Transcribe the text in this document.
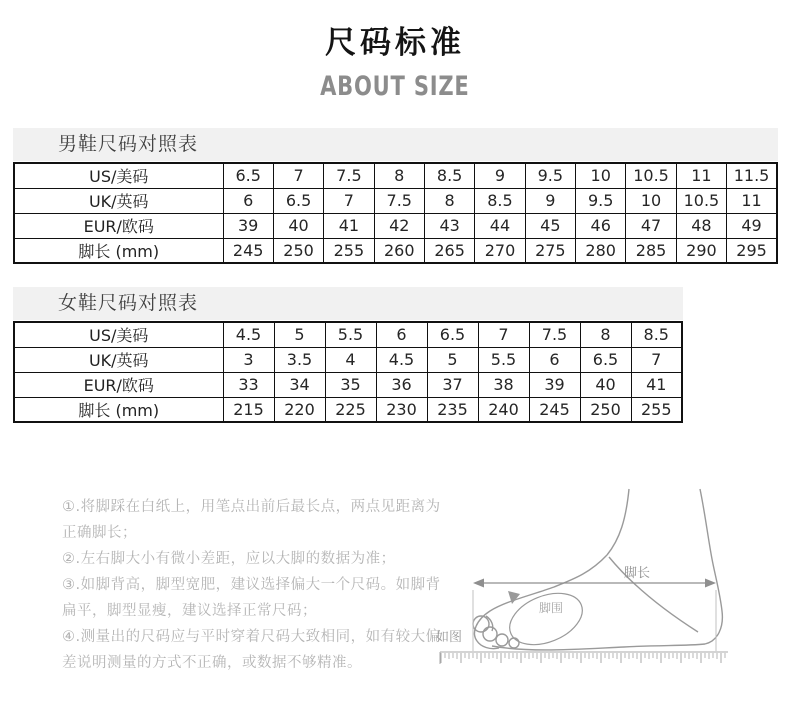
尺码标准
ABOUT SIZE
男鞋尺码对照表
US/美码	6.5	7	7.5	8	8.5	9	9.5	10	10.5	11	11.5
UK/英码	6	6.5	7	7.5	8	8.5	9	9.5	10	10.5	11
EUR/欧码	39	40	41	42	43	44	45	46	47	48	49
脚长 (mm)	245	250	255	260	265	270	275	280	285	290	295
女鞋尺码对照表
US/美码	4.5	5	5.5	6	6.5	7	7.5	8	8.5
UK/英码	3	3.5	4	4.5	5	5.5	6	6.5	7
EUR/欧码	33	34	35	36	37	38	39	40	41
脚长 (mm)	215	220	225	230	235	240	245	250	255

①.将脚踩在白纸上，用笔点出前后最长点，两点见距离为正确脚长；

②.左右脚大小有微小差距，应以大脚的数据为准；

③.如脚背高，脚型宽肥，建议选择偏大一个尺码。如脚背扁平，脚型显瘦，建议选择正常尺码；

④.测量出的尺码应与平时穿着尺码大致相同，如有较大偏差说明测量的方式不正确，或数据不够精准。

脚长
脚围
如图
